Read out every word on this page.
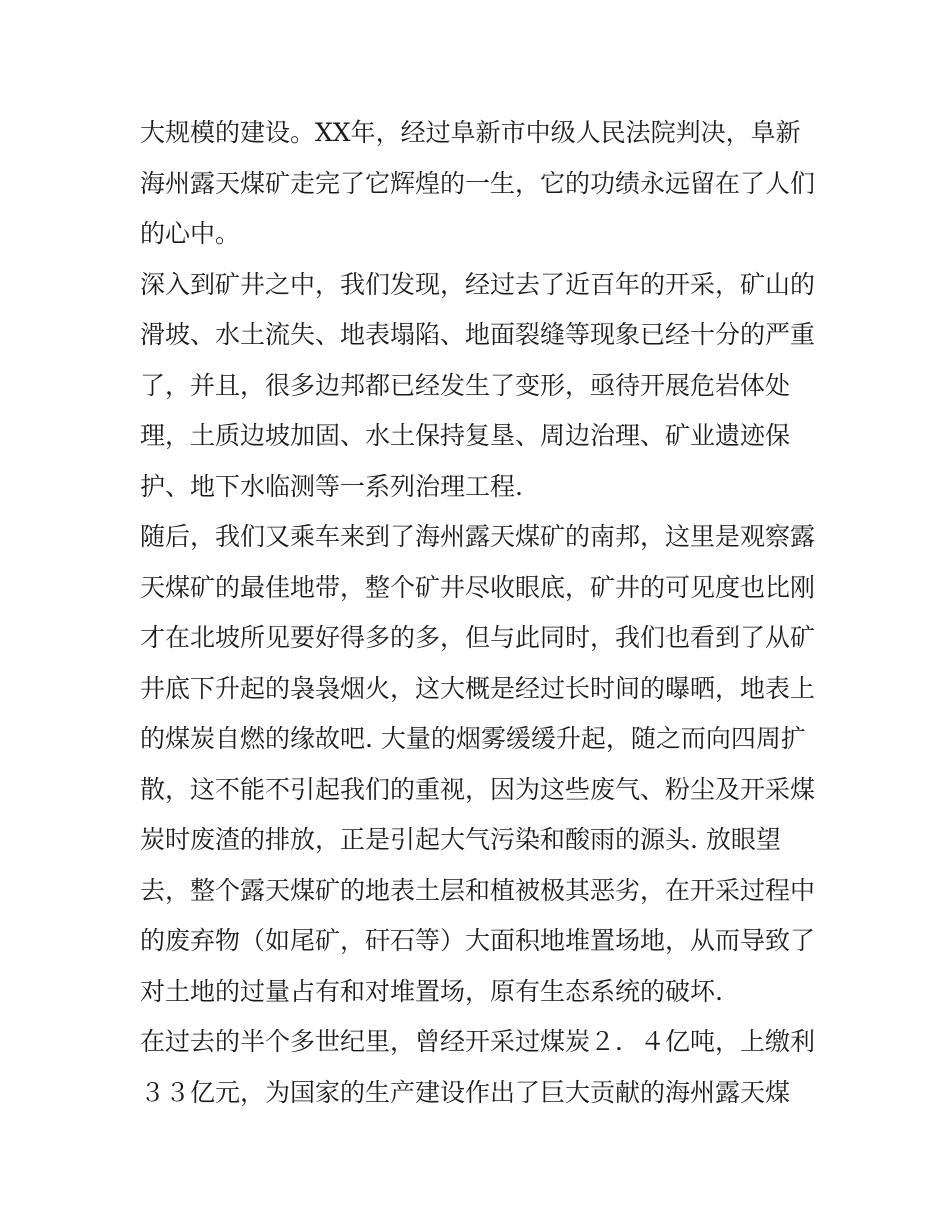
大规模的建设。XX年，经过阜新市中级人民法院判决，阜新
海州露天煤矿走完了它辉煌的一生，它的功绩永远留在了人们
的心中。
深入到矿井之中，我们发现，经过去了近百年的开采，矿山的
滑坡、水土流失、地表塌陷、地面裂缝等现象已经十分的严重
了，并且，很多边邦都已经发生了变形，亟待开展危岩体处
理，土质边坡加固、水土保持复垦、周边治理、矿业遗迹保
护、地下水临测等一系列治理工程.
随后，我们又乘车来到了海州露天煤矿的南邦，这里是观察露
天煤矿的最佳地带，整个矿井尽收眼底，矿井的可见度也比刚
才在北坡所见要好得多的多，但与此同时，我们也看到了从矿
井底下升起的袅袅烟火，这大概是经过长时间的曝晒，地表上
的煤炭自燃的缘故吧. 大量的烟雾缓缓升起，随之而向四周扩
散，这不能不引起我们的重视，因为这些废气、粉尘及开采煤
炭时废渣的排放，正是引起大气污染和酸雨的源头. 放眼望
去，整个露天煤矿的地表土层和植被极其恶劣，在开采过程中
的废弃物（如尾矿，矸石等）大面积地堆置场地，从而导致了
对土地的过量占有和对堆置场，原有生态系统的破坏.
在过去的半个多世纪里，曾经开采过煤炭２．４亿吨，上缴利
３３亿元，为国家的生产建设作出了巨大贡献的海州露天煤
